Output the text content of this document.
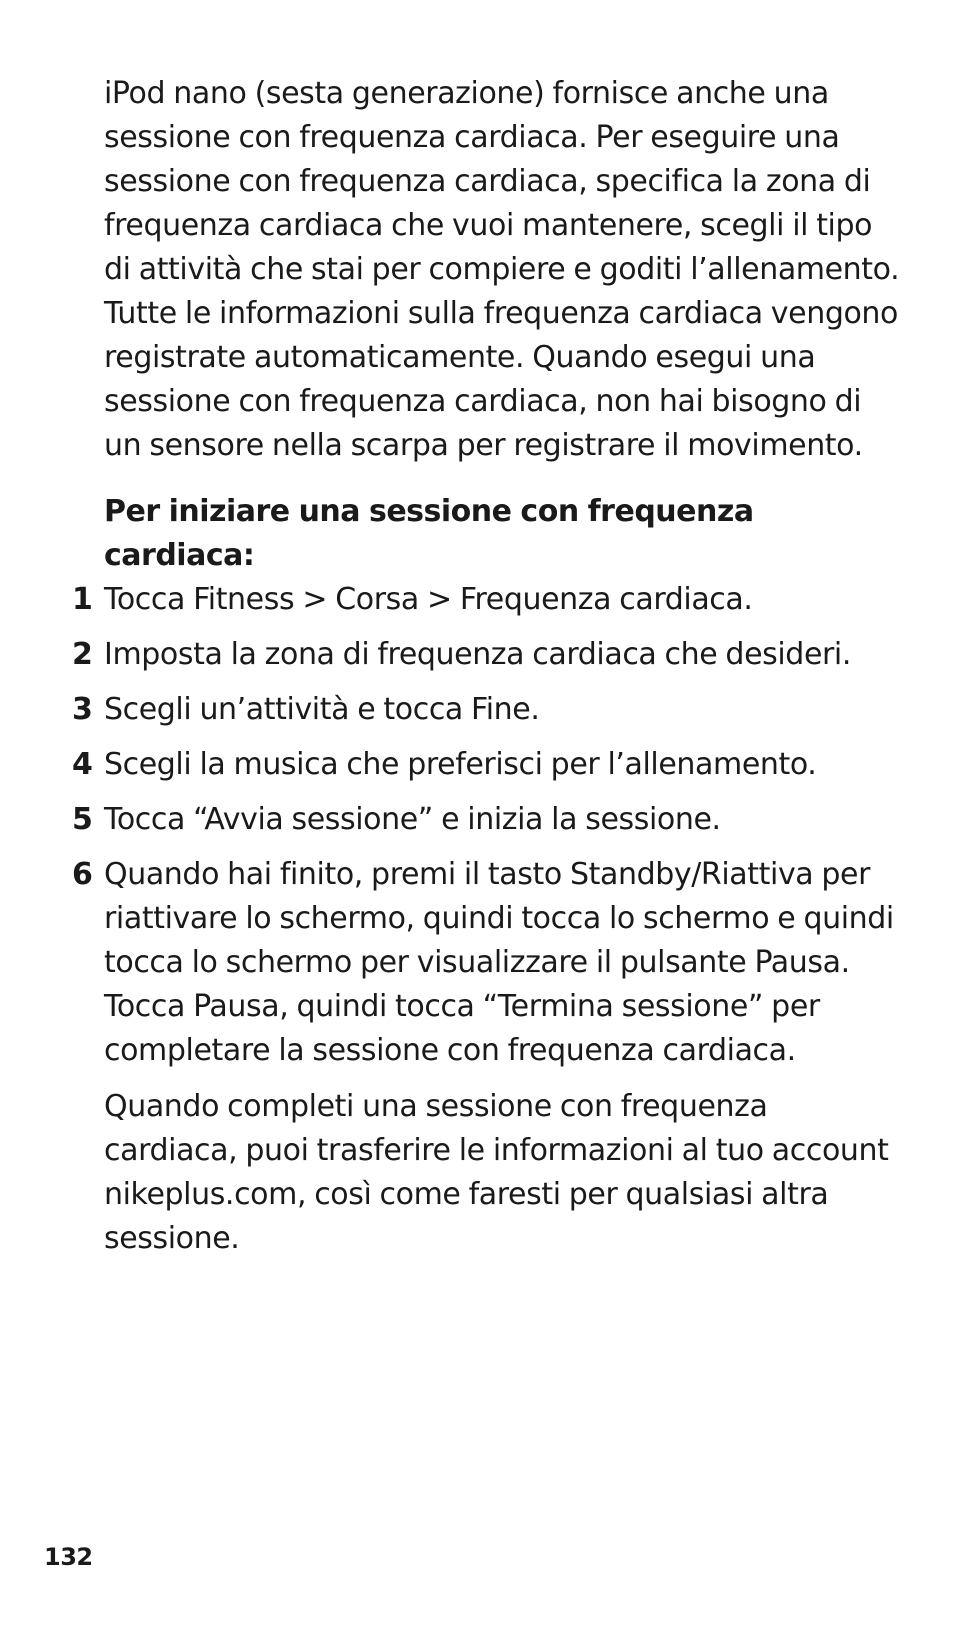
iPod nano (sesta generazione) fornisce anche una sessione con frequenza cardiaca. Per eseguire una sessione con frequenza cardiaca, specifica la zona di frequenza cardiaca che vuoi mantenere, scegli il tipo di attività che stai per compiere e goditi l’allenamento. Tutte le informazioni sulla frequenza cardiaca vengono registrate automaticamente. Quando esegui una sessione con frequenza cardiaca, non hai bisogno di un sensore nella scarpa per registrare il movimento.

Per iniziare una sessione con frequenza cardiaca:

1 Tocca Fitness > Corsa > Frequenza cardiaca.
2 Imposta la zona di frequenza cardiaca che desideri.
3 Scegli un’attività e tocca Fine.
4 Scegli la musica che preferisci per l’allenamento.
5 Tocca “Avvia sessione” e inizia la sessione.
6 Quando hai finito, premi il tasto Standby/Riattiva per riattivare lo schermo, quindi tocca lo schermo e quindi tocca lo schermo per visualizzare il pulsante Pausa. Tocca Pausa, quindi tocca “Termina sessione” per completare la sessione con frequenza cardiaca.

Quando completi una sessione con frequenza cardiaca, puoi trasferire le informazioni al tuo account nikeplus.com, così come faresti per qualsiasi altra sessione.

132
